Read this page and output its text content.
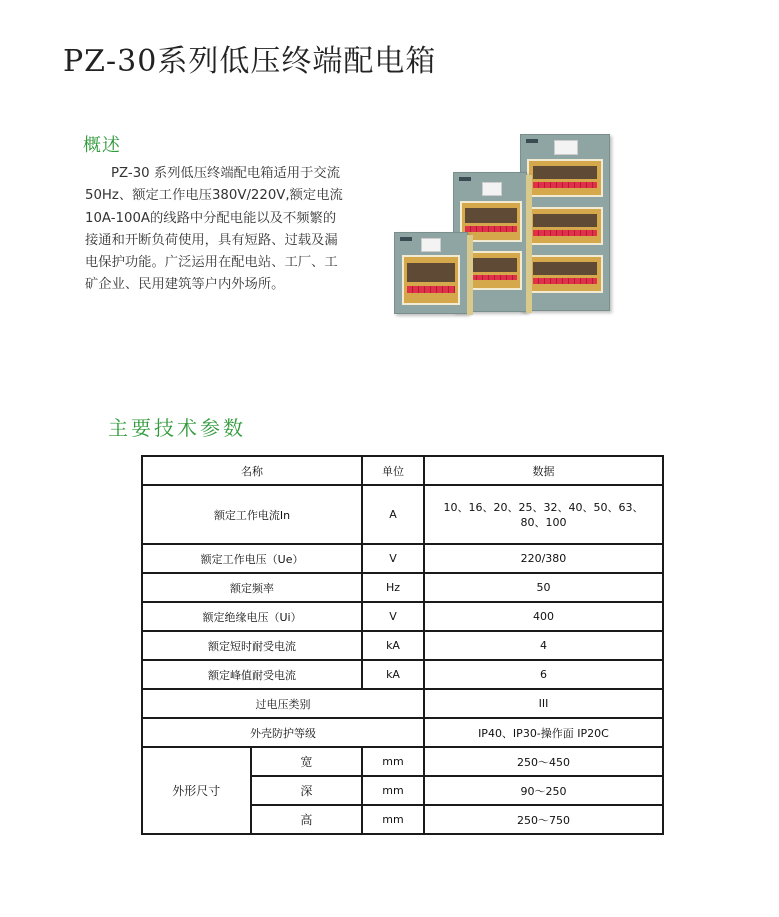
PZ-30系列低压终端配电箱
概述

PZ-30 系列低压终端配电箱适用于交流

50Hz、额定工作电压380V/220V,额定电流

10A-100A的线路中分配电能以及不频繁的

接通和开断负荷使用，具有短路、过载及漏

电保护功能。广泛运用在配电站、工厂、工

矿企业、民用建筑等户内外场所。

主要技术参数
名称		单位	数据
额定工作电流In		A	10、16、20、25、32、40、50、63、
80、100

额定工作电压（Ue）		V	220/380
额定频率		Hz	50
额定绝缘电压（Ui）		V	400
额定短时耐受电流		kA	4
额定峰值耐受电流		kA	6
过电压类别			III
外壳防护等级			IP40、IP30-操作面 IP20C
外形尺寸	宽	mm	250～450
	深	mm	90～250
	高	mm	250～750
